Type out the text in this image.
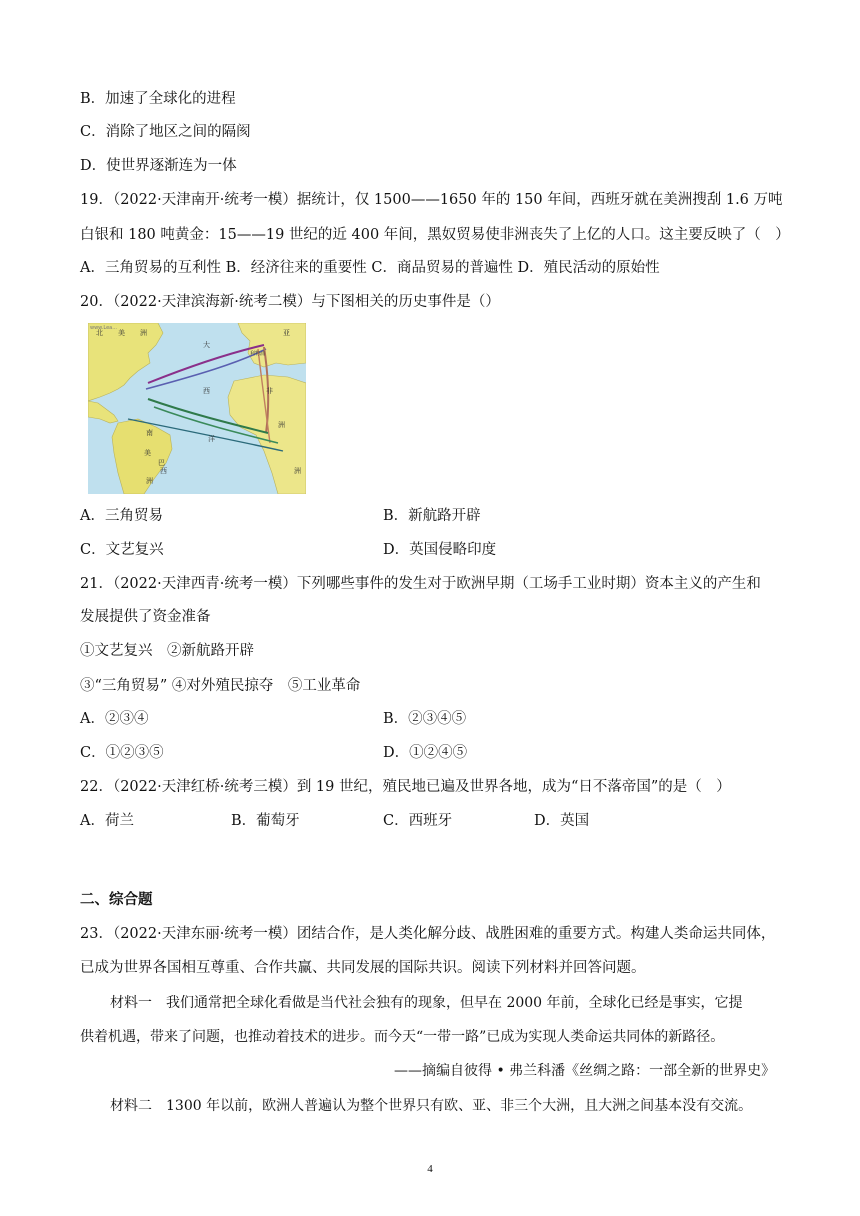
B．加速了全球化的进程
C．消除了地区之间的隔阂
D．使世界逐渐连为一体
19．（2022·天津南开·统考一模）据统计，仅 1500——1650 年的 150 年间，西班牙就在美洲搜刮 1.6 万吨
白银和 180 吨黄金：15——19 世纪的近 400 年间，黑奴贸易使非洲丧失了上亿的人口。这主要反映了（　）
A．三角贸易的互利性 B．经济往来的重要性 C．商品贸易的普遍性 D．殖民活动的原始性
20．（2022·天津滨海新·统考二模）与下图相关的历史事件是（）
北 美 洲
大
西
洋
非
洲
南
美
巴
西
洲
亚
洲
利物浦
www.Lea...
A．三角贸易	B．新航路开辟
C．文艺复兴	D．英国侵略印度
21．（2022·天津西青·统考一模）下列哪些事件的发生对于欧洲早期（工场手工业时期）资本主义的产生和
发展提供了资金准备
①文艺复兴　②新航路开辟
③“三角贸易” ④对外殖民掠夺　⑤工业革命
A．②③④	B．②③④⑤
C．①②③⑤	D．①②④⑤
22．（2022·天津红桥·统考三模）到 19 世纪，殖民地已遍及世界各地，成为“日不落帝国”的是（　）
A．荷兰	B．葡萄牙	C．西班牙	D．英国
二、综合题
23．（2022·天津东丽·统考一模）团结合作，是人类化解分歧、战胜困难的重要方式。构建人类命运共同体，
已成为世界各国相互尊重、合作共赢、共同发展的国际共识。阅读下列材料并回答问题。
材料一　我们通常把全球化看做是当代社会独有的现象，但早在 2000 年前，全球化已经是事实，它提
供着机遇，带来了问题，也推动着技术的进步。而今天“一带一路”已成为实现人类命运共同体的新路径。
——摘编自彼得 • 弗兰科潘《丝绸之路：一部全新的世界史》
材料二　1300 年以前，欧洲人普遍认为整个世界只有欧、亚、非三个大洲，且大洲之间基本没有交流。
4
